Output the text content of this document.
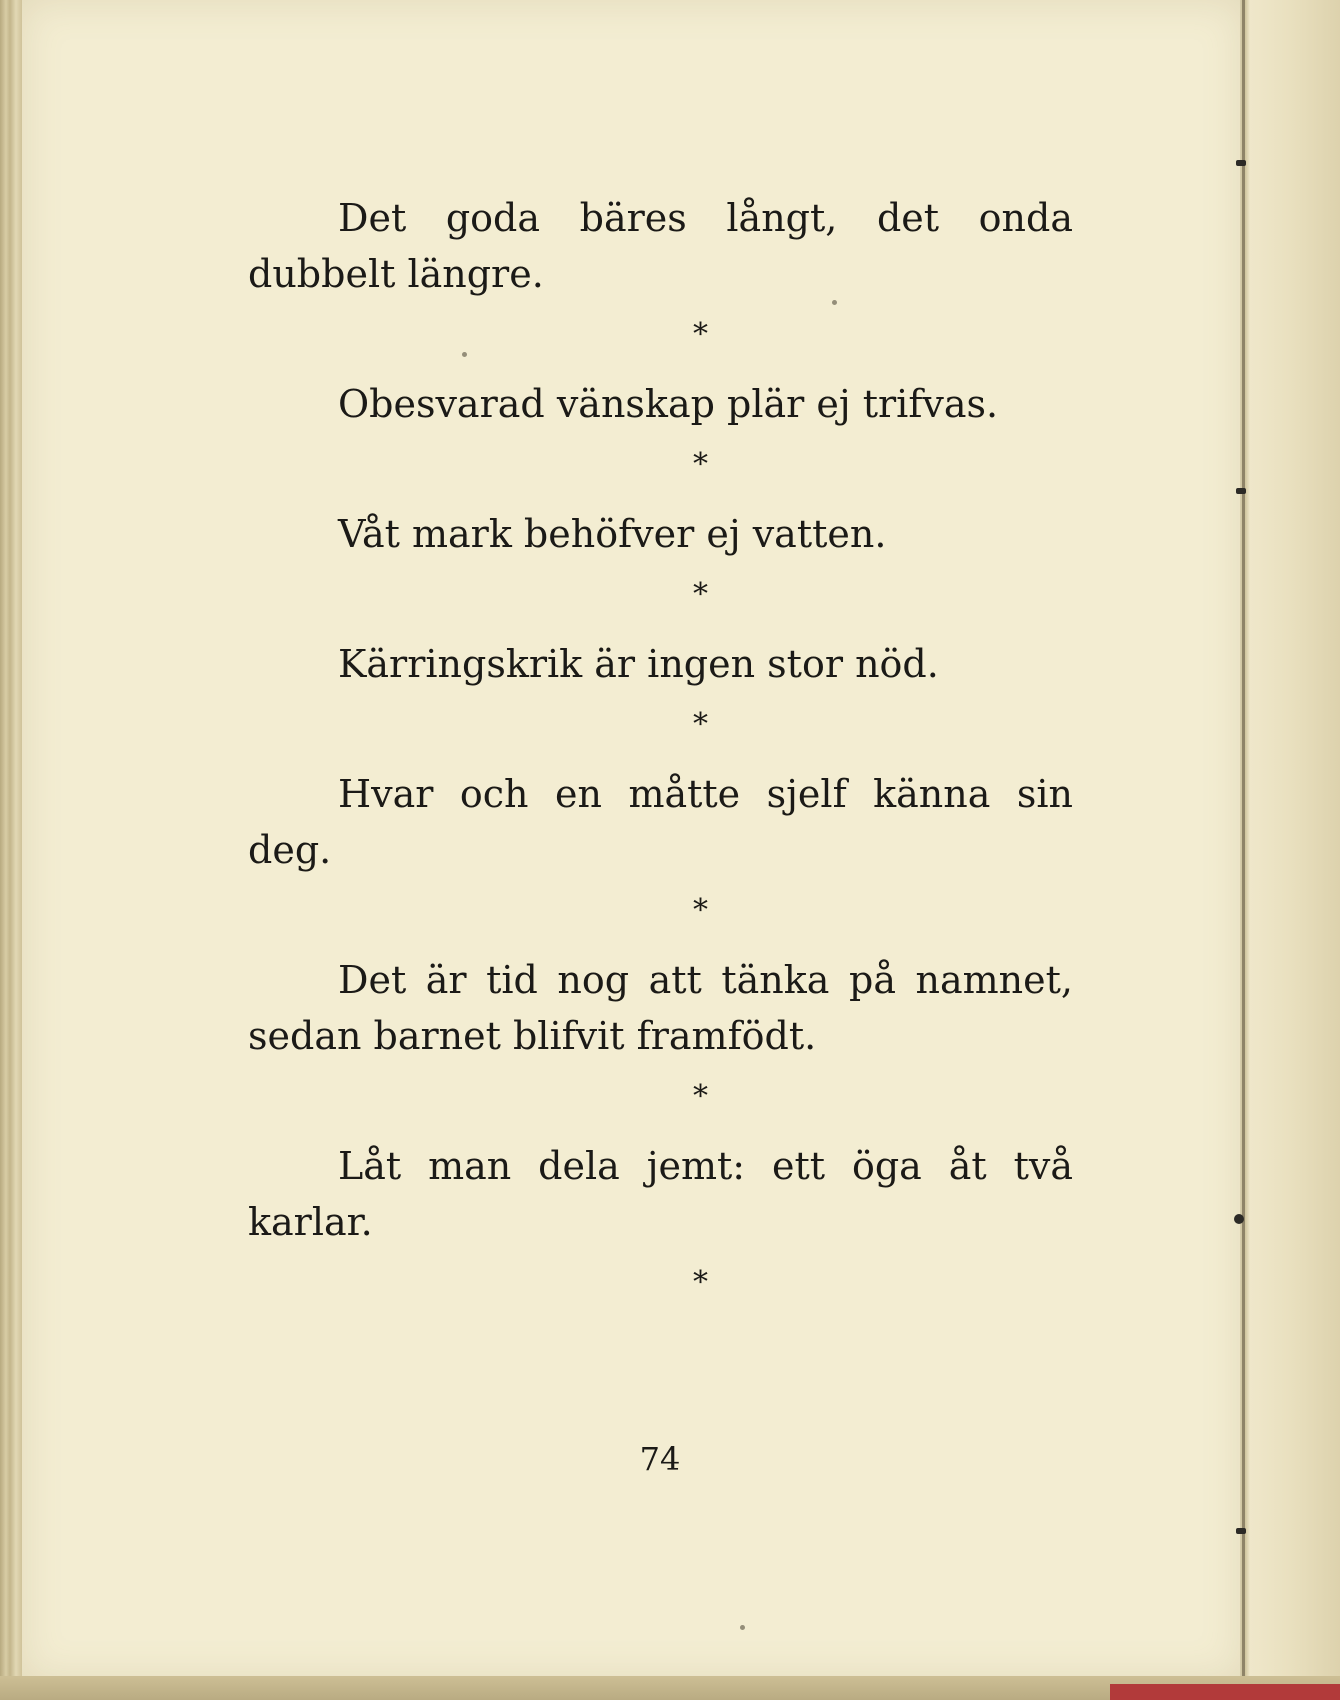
Det goda bäres långt, det onda dubbelt längre.

*

Obesvarad vänskap plär ej trifvas.

*

Våt mark behöfver ej vatten.

*

Kärringskrik är ingen stor nöd.

*

Hvar och en måtte sjelf känna sin deg.

*

Det är tid nog att tänka på namnet, sedan barnet blifvit framfödt.

*

Låt man dela jemt: ett öga åt två karlar.

*
74
